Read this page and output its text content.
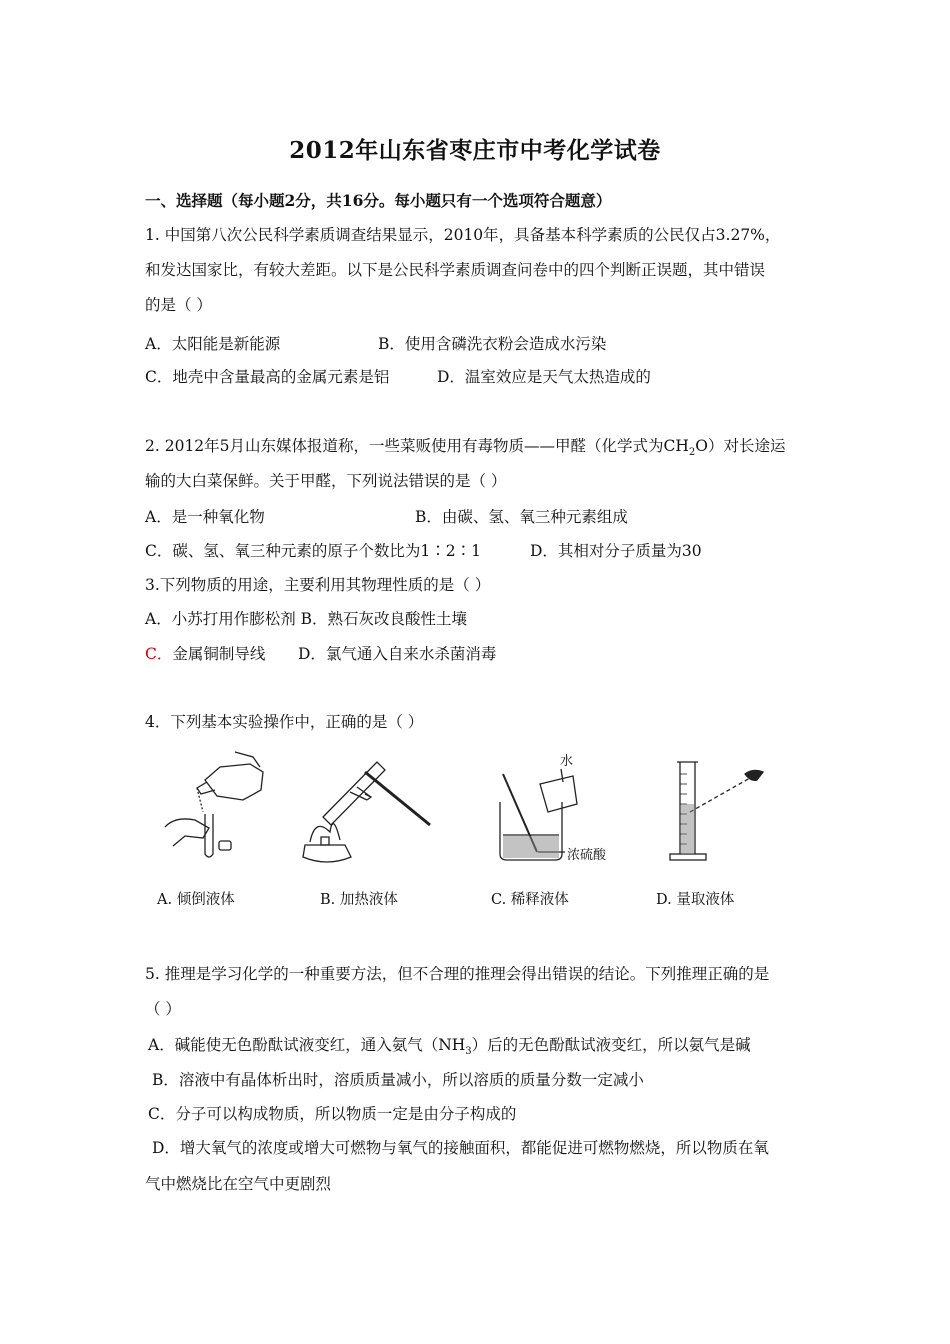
2012年山东省枣庄市中考化学试卷
一、选择题（每小题2分，共16分。每小题只有一个选项符合题意）
1. 中国第八次公民科学素质调查结果显示，2010年，具备基本科学素质的公民仅占3.27%，
和发达国家比，有较大差距。以下是公民科学素质调查问卷中的四个判断正误题，其中错误
的是（ ）
A．太阳能是新能源	B．使用含磷洗衣粉会造成水污染
C．地壳中含量最高的金属元素是铝	D．温室效应是天气太热造成的
2. 2012年5月山东媒体报道称，一些菜贩使用有毒物质——甲醛（化学式为$CH_2O$）对长途运
输的大白菜保鲜。关于甲醛，下列说法错误的是（ ）
A．是一种氧化物	B．由碳、氢、氧三种元素组成
C．碳、氢、氧三种元素的原子个数比为1∶2∶1	D．其相对分子质量为30
3.下列物质的用途，主要利用其物理性质的是（ ）
A．小苏打用作膨松剂 B．熟石灰改良酸性土壤
C．金属铜制导线 D．氯气通入自来水杀菌消毒
4．下列基本实验操作中，正确的是（ ）
水
浓硫酸
A. 倾倒液体	B. 加热液体	C. 稀释液体	D. 量取液体
5. 推理是学习化学的一种重要方法，但不合理的推理会得出错误的结论。下列推理正确的是
（ ）
A．碱能使无色酚酞试液变红，通入氨气$(NH_3)$后的无色酚酞试液变红，所以氨气是碱
B．溶液中有晶体析出时，溶质质量减小，所以溶质的质量分数一定减小
C．分子可以构成物质，所以物质一定是由分子构成的
D．增大氧气的浓度或增大可燃物与氧气的接触面积，都能促进可燃物燃烧，所以物质在氧
气中燃烧比在空气中更剧烈
